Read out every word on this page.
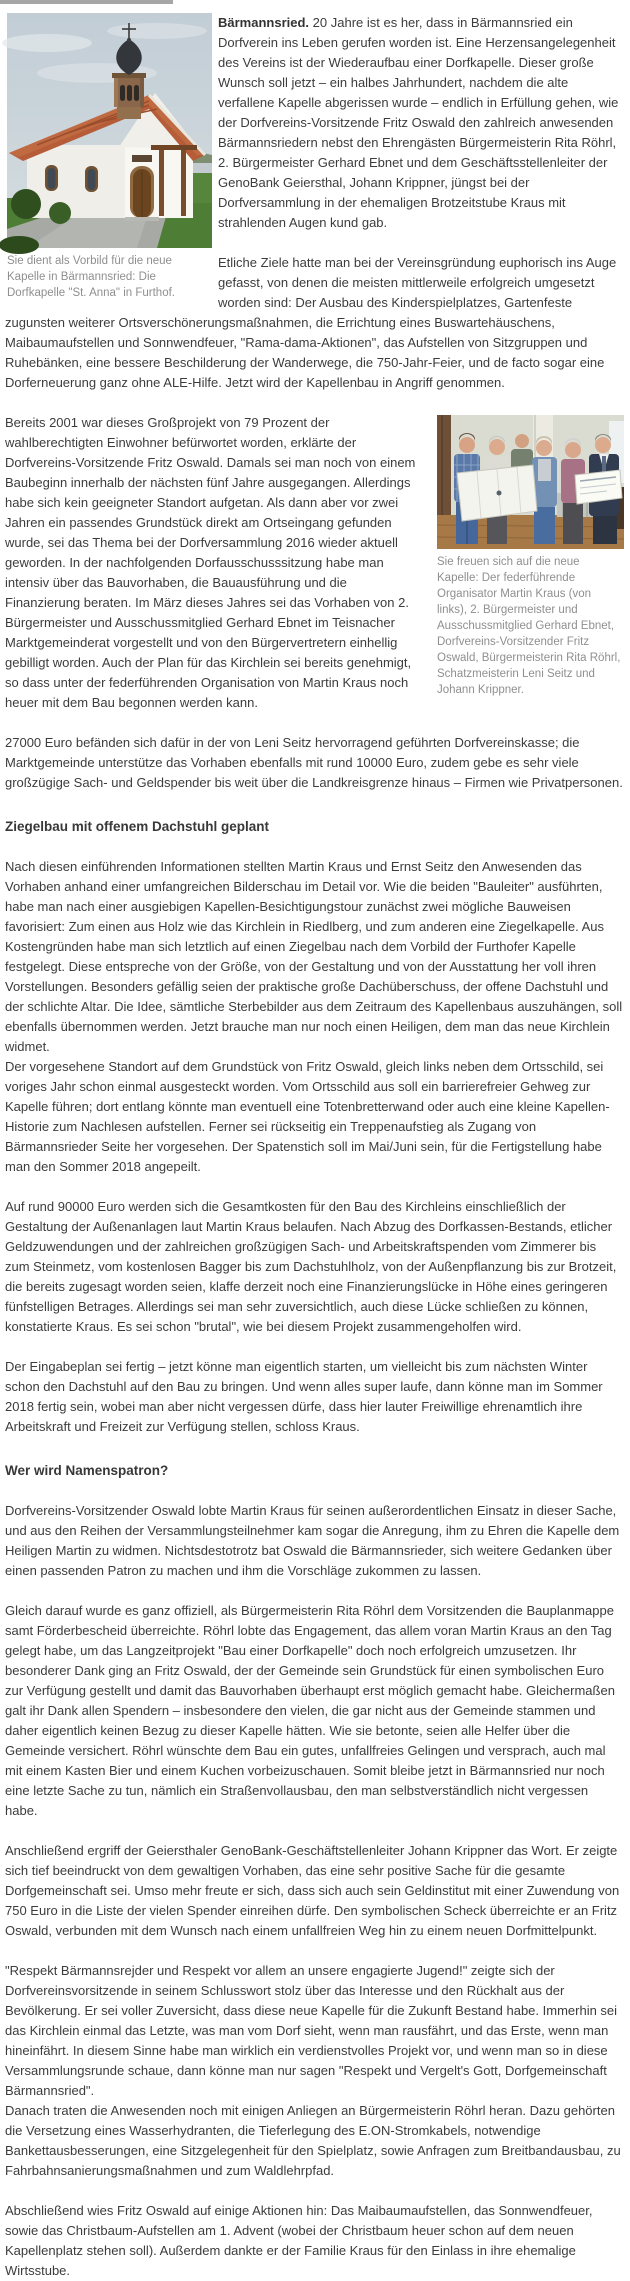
Sie dient als Vorbild für die neue Kapelle in Bärmannsried: Die Dorfkapelle "St. Anna" in Furthof.

Bärmannsried. 20 Jahre ist es her, dass in Bärmannsried ein Dorfverein ins Leben gerufen worden ist. Eine Herzensangelegenheit des Vereins ist der Wiederaufbau einer Dorfkapelle. Dieser große Wunsch soll jetzt – ein halbes Jahrhundert, nachdem die alte verfallene Kapelle abgerissen wurde – endlich in Erfüllung gehen, wie der Dorfvereins-Vorsitzende Fritz Oswald den zahlreich anwesenden Bärmannsriedern nebst den Ehrengästen Bürgermeisterin Rita Röhrl, 2. Bürgermeister Gerhard Ebnet und dem Geschäftsstellenleiter der GenoBank Geiersthal, Johann Krippner, jüngst bei der Dorfversammlung in der ehemaligen Brotzeitstube Kraus mit strahlenden Augen kund gab.

Etliche Ziele hatte man bei der Vereinsgründung euphorisch ins Auge gefasst, von denen die meisten mittlerweile erfolgreich umgesetzt worden sind: Der Ausbau des Kinderspielplatzes, Gartenfeste zugunsten weiterer Ortsverschönerungsmaßnahmen, die Errichtung eines Buswartehäuschens, Maibaumaufstellen und Sonnwendfeuer, "Rama-dama-Aktionen", das Aufstellen von Sitzgruppen und Ruhebänken, eine bessere Beschilderung der Wanderwege, die 750-Jahr-Feier, und de facto sogar eine Dorferneuerung ganz ohne ALE-Hilfe. Jetzt wird der Kapellenbau in Angriff genommen.

Sie freuen sich auf die neue Kapelle: Der federführende Organisator Martin Kraus (von links), 2. Bürgermeister und Ausschussmitglied Gerhard Ebnet, Dorfvereins-Vorsitzender Fritz Oswald, Bürgermeisterin Rita Röhrl, Schatzmeisterin Leni Seitz und Johann Krippner.

Bereits 2001 war dieses Großprojekt von 79 Prozent der wahlberechtigten Einwohner befürwortet worden, erklärte der Dorfvereins-Vorsitzende Fritz Oswald. Damals sei man noch von einem Baubeginn innerhalb der nächsten fünf Jahre ausgegangen. Allerdings habe sich kein geeigneter Standort aufgetan. Als dann aber vor zwei Jahren ein passendes Grundstück direkt am Ortseingang gefunden wurde, sei das Thema bei der Dorfversammlung 2016 wieder aktuell geworden. In der nachfolgenden Dorfausschusssitzung habe man intensiv über das Bauvorhaben, die Bauausführung und die Finanzierung beraten. Im März dieses Jahres sei das Vorhaben von 2. Bürgermeister und Ausschussmitglied Gerhard Ebnet im Teisnacher Marktgemeinderat vorgestellt und von den Bürgervertretern einhellig gebilligt worden. Auch der Plan für das Kirchlein sei bereits genehmigt, so dass unter der federführenden Organisation von Martin Kraus noch heuer mit dem Bau begonnen werden kann.

27000 Euro befänden sich dafür in der von Leni Seitz hervorragend geführten Dorfvereinskasse; die Marktgemeinde unterstütze das Vorhaben ebenfalls mit rund 10000 Euro, zudem gebe es sehr viele großzügige Sach- und Geldspender bis weit über die Landkreisgrenze hinaus – Firmen wie Privatpersonen.

Ziegelbau mit offenem Dachstuhl geplant

Nach diesen einführenden Informationen stellten Martin Kraus und Ernst Seitz den Anwesenden das Vorhaben anhand einer umfangreichen Bilderschau im Detail vor. Wie die beiden "Bauleiter" ausführten, habe man nach einer ausgiebigen Kapellen-Besichtigungstour zunächst zwei mögliche Bauweisen favorisiert: Zum einen aus Holz wie das Kirchlein in Riedlberg, und zum anderen eine Ziegelkapelle. Aus Kostengründen habe man sich letztlich auf einen Ziegelbau nach dem Vorbild der Furthofer Kapelle festgelegt. Diese entspreche von der Größe, von der Gestaltung und von der Ausstattung her voll ihren Vorstellungen. Besonders gefällig seien der praktische große Dachüberschuss, der offene Dachstuhl und der schlichte Altar. Die Idee, sämtliche Sterbebilder aus dem Zeitraum des Kapellenbaus auszuhängen, soll ebenfalls übernommen werden. Jetzt brauche man nur noch einen Heiligen, dem man das neue Kirchlein widmet.
Der vorgesehene Standort auf dem Grundstück von Fritz Oswald, gleich links neben dem Ortsschild, sei voriges Jahr schon einmal ausgesteckt worden. Vom Ortsschild aus soll ein barrierefreier Gehweg zur Kapelle führen; dort entlang könnte man eventuell eine Totenbretterwand oder auch eine kleine Kapellen-Historie zum Nachlesen aufstellen. Ferner sei rückseitig ein Treppenaufstieg als Zugang von Bärmannsrieder Seite her vorgesehen. Der Spatenstich soll im Mai/Juni sein, für die Fertigstellung habe man den Sommer 2018 angepeilt.

Auf rund 90000 Euro werden sich die Gesamtkosten für den Bau des Kirchleins einschließlich der Gestaltung der Außenanlagen laut Martin Kraus belaufen. Nach Abzug des Dorfkassen-Bestands, etlicher Geldzuwendungen und der zahlreichen großzügigen Sach- und Arbeitskraftspenden vom Zimmerer bis zum Steinmetz, vom kostenlosen Bagger bis zum Dachstuhlholz, von der Außenpflanzung bis zur Brotzeit, die bereits zugesagt worden seien, klaffe derzeit noch eine Finanzierungslücke in Höhe eines geringeren fünfstelligen Betrages. Allerdings sei man sehr zuversichtlich, auch diese Lücke schließen zu können, konstatierte Kraus. Es sei schon "brutal", wie bei diesem Projekt zusammengeholfen wird.

Der Eingabeplan sei fertig – jetzt könne man eigentlich starten, um vielleicht bis zum nächsten Winter schon den Dachstuhl auf den Bau zu bringen. Und wenn alles super laufe, dann könne man im Sommer 2018 fertig sein, wobei man aber nicht vergessen dürfe, dass hier lauter Freiwillige ehrenamtlich ihre Arbeitskraft und Freizeit zur Verfügung stellen, schloss Kraus.

Wer wird Namenspatron?

Dorfvereins-Vorsitzender Oswald lobte Martin Kraus für seinen außerordentlichen Einsatz in dieser Sache, und aus den Reihen der Versammlungsteilnehmer kam sogar die Anregung, ihm zu Ehren die Kapelle dem Heiligen Martin zu widmen. Nichtsdestotrotz bat Oswald die Bärmannsrieder, sich weitere Gedanken über einen passenden Patron zu machen und ihm die Vorschläge zukommen zu lassen.

Gleich darauf wurde es ganz offiziell, als Bürgermeisterin Rita Röhrl dem Vorsitzenden die Bauplanmappe samt Förderbescheid überreichte. Röhrl lobte das Engagement, das allem voran Martin Kraus an den Tag gelegt habe, um das Langzeitprojekt "Bau einer Dorfkapelle" doch noch erfolgreich umzusetzen. Ihr besonderer Dank ging an Fritz Oswald, der der Gemeinde sein Grundstück für einen symbolischen Euro zur Verfügung gestellt und damit das Bauvorhaben überhaupt erst möglich gemacht habe. Gleichermaßen galt ihr Dank allen Spendern – insbesondere den vielen, die gar nicht aus der Gemeinde stammen und daher eigentlich keinen Bezug zu dieser Kapelle hätten. Wie sie betonte, seien alle Helfer über die Gemeinde versichert. Röhrl wünschte dem Bau ein gutes, unfallfreies Gelingen und versprach, auch mal mit einem Kasten Bier und einem Kuchen vorbeizuschauen. Somit bleibe jetzt in Bärmannsried nur noch eine letzte Sache zu tun, nämlich ein Straßenvollausbau, den man selbstverständlich nicht vergessen habe.

Anschließend ergriff der Geiersthaler GenoBank-Geschäftstellenleiter Johann Krippner das Wort. Er zeigte sich tief beeindruckt von dem gewaltigen Vorhaben, das eine sehr positive Sache für die gesamte Dorfgemeinschaft sei. Umso mehr freute er sich, dass sich auch sein Geldinstitut mit einer Zuwendung von 750 Euro in die Liste der vielen Spender einreihen dürfe. Den symbolischen Scheck überreichte er an Fritz Oswald, verbunden mit dem Wunsch nach einem unfallfreien Weg hin zu einem neuen Dorfmittelpunkt.

"Respekt Bärmannsrejder und Respekt vor allem an unsere engagierte Jugend!" zeigte sich der Dorfvereinsvorsitzende in seinem Schlusswort stolz über das Interesse und den Rückhalt aus der Bevölkerung. Er sei voller Zuversicht, dass diese neue Kapelle für die Zukunft Bestand habe. Immerhin sei das Kirchlein einmal das Letzte, was man vom Dorf sieht, wenn man rausfährt, und das Erste, wenn man hineinfährt. In diesem Sinne habe man wirklich ein verdienstvolles Projekt vor, und wenn man so in diese Versammlungsrunde schaue, dann könne man nur sagen "Respekt und Vergelt's Gott, Dorfgemeinschaft Bärmannsried".
Danach traten die Anwesenden noch mit einigen Anliegen an Bürgermeisterin Röhrl heran. Dazu gehörten die Versetzung eines Wasserhydranten, die Tieferlegung des E.ON-Stromkabels, notwendige Bankettausbesserungen, eine Sitzgelegenheit für den Spielplatz, sowie Anfragen zum Breitbandausbau, zu Fahrbahnsanierungsmaßnahmen und zum Waldlehrpfad.

Abschließend wies Fritz Oswald auf einige Aktionen hin: Das Maibaumaufstellen, das Sonnwendfeuer, sowie das Christbaum-Aufstellen am 1. Advent (wobei der Christbaum heuer schon auf dem neuen Kapellenplatz stehen soll). Außerdem dankte er der Familie Kraus für den Einlass in ihre ehemalige Wirtsstube.
